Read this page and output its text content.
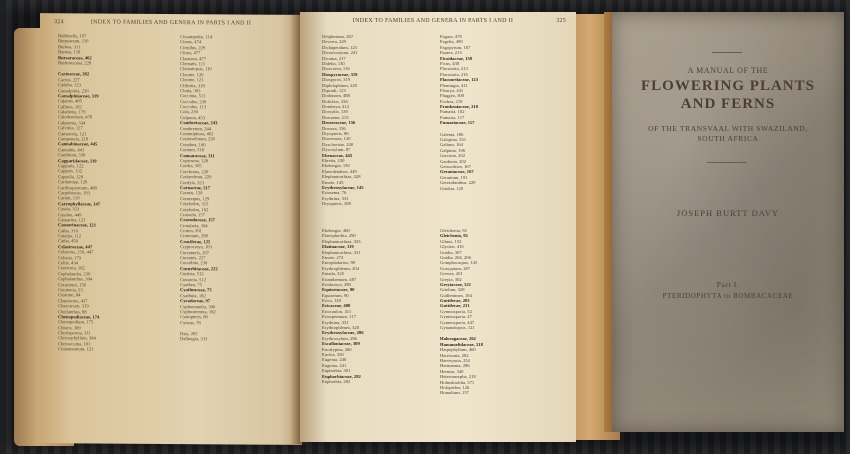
324	INDEX TO FAMILIES AND GENERA IN PARTS I AND II
Bulbinella, 167
Burpeanum, 110
Burkea, 311
Burnea, 118
Bursaraceae, 462
Burttorucana, 228
Cacteaceae, 282
Cactus, 227
Cadaba, 123
Caesalpinia, 236
Caesalpiniaceae, 319
Cajanus, 485
Calliera, 102
Caladenia, 179
Calodendrum, 478
Calpurnia, 334
Calvinia, 127
Camarotia, 121
Campanula, 218
Cannabinaceae, 445
Cannabis, 441
Canthium, 330
Capparidaceae, 119
Capparis, 122
Cappeis, 132
Capsella, 128
Cardamine, 126
Cardiospermum, 488
Carpobrotus, 193
Carum, 119
Caryophyllaceae, 147
Cassia, 323
Cassine, 449
Casuarina, 121
Casuarinaceae, 121
Catha, 310
Catalpa, 112
Catha, 450
Celastraceae, 447
Celastrus, 216, 447
Celosia, 179
Celtis, 434
Centrosia, 182
Cephalandra, 230
Cephalanthus, 304
Cerastium, 156
Ceratonia, 93
Cestrum, 84
Chaetacme, 437
Chascanum, 319
Cheilanthes, 88
Chenopodiaceae, 174
Chenopodium, 175
Chloris, 309
Chorisperma, 311
Chrysophyllum, 304
Chrysocoma, 101
Cinnamomum, 121
Cissampelos, 114
Cissus, 474
Citrullus, 229
Citrus, 477
Clausena, 477
Clematis, 111
Clematopsis, 110
Cleome, 120
Cleome, 121
Clifortia, 318
Clutia, 303
Coccinia, 511
Cocculus, 230
Coccolus, 113
Cola, 230
Colpoon, 453
Combretaceae, 243
Combretum, 244
Commiphora, 462
Conioselinum, 226
Conobea, 100
Conium, 518
Connaraceae, 311
Coprosma, 328
Cordia, 305
Corchorus, 220
Coriandrum, 220
Cordyla, 323
Cornaceae, 517
Cornus, 120
Coronopus, 129
Cotyledon, 315
Cotyledon, 162
Crassula, 157
Crassulaceae, 157
Crotalaria, 304
Croton, 201
Crotonum, 298
Cruciferae, 125
Cryptocarya, 103
Cucumeris, 207
Cucumis, 227
Cucurbita, 230
Cucurbitaceae, 222
Curtisia, 512
Cussonia, 512
Cyathea, 75
Cyatheaceae, 75
Cyathula, 182
Cycadaceae, 97
Cyphomandra, 300
Cyphostemma, 182
Cystopteris, 80
Cytisus, 78
Dais, 265
Dalbergia, 333
INDEX TO FAMILIES AND GENERA IN PARTS I AND II	325
Delphinium, 267
Deverra, 229
Dichapetalum, 123
Dicerocaryum, 241
Dicoma, 217
Didelta, 130
Dioscorea, 116
Diospyraceae, 319
Diospyros, 319
Diplolophium, 220
Dipcadi, 123
Dodonaea, 488
Dolichos, 336
Dombeya, 412
Dovyalis, 139
Dracaena, 215
Droseraceae, 156
Drosera, 156
Dryopteris, 86
Duvernoia, 120
Dyschoriste, 240
Dysoxylum, 87
Ebenaceae, 445
Ehretia, 230
Ekebergia, 150
Elaeodendron, 449
Elephantorrhiza, 328
Ensete, 145
Erythroxylaceae, 145
Eriosema, 76
Erythrina, 331
Dryopteris, 308
Fagara, 478
Fagelia, 490
Fagopyrum, 167
Faurea, 213
Ficoidaceae, 158
Ficus, 438
Flacourtia, 213
Flacourtia, 216
Flacourtiaceae, 123
Flemingia, 411
Fleurya, 441
Fluggea, 300
Fockea, 219
Frankeniaceae, 210
Fumaria, 102
Fumaria, 117
Fumariaceae, 117
Galenia, 186
Galopina, 331
Galium, 164
Galpinia, 196
Garcinia, 292
Gardenia, 202
Geissorhiza, 167
Geraniaceae, 167
Geranium, 191
Gerrardanthus, 229
Gisekia, 120
Ekebergia, 460
Elaeophorbia, 290
Elephantorrhiza, 333
Elatinaceae, 119
Elephantorrhiza, 331
Ensete, 272
Encephalartos, 98
Erythrophleum, 204
Entada, 325
Erianthemum, 487
Eriobotrya, 290
Equisetaceae, 90
Equisetum, 90
Erica, 129
Ericaceae, 400
Eriocaulon, 411
Eriospermum, 117
Erythrina, 331
Erythrophleum, 320
Erythroxylaceae, 286
Erythroxylum, 286
Escalloniaceae, 309
Eucalyptus, 260
Euclea, 350
Eugenia, 240
Eugenia, 241
Euphorbia, 301
Euphorbiaceae, 282
Euphorbia, 282
Gleichenia, 92
Gleichenia, 92
Glinus, 152
Glycine, 416
Gnidia, 307
Gnidia, 204, 206
Gomphocarpus, 145
Gossypium, 287
Grewia, 201
Greyia, 302
Greyiaceae, 321
Grielum, 328
Guilleminea, 184
Guttiferae, 203
Guttiferae, 231
Gymnosporia, 52
Gymnosporia, 47
Gymnosporia, 447
Gynandropsis, 121
Haloragaceae, 262
Hamamelidaceae, 218
Harpephyllum, 460
Harrisonia, 282
Harveyasia, 254
Hermannia, 286
Hermas, 340
Heteromorpha, 218
Holmskioldia, 371
Holoptelea, 126
Homalium, 137
A MANUAL OF THE
FLOWERING PLANTS
AND FERNS
OF THE TRANSVAAL WITH SWAZILAND,
SOUTH AFRICA
JOSEPH BURTT DAVY
Part I.
PTERIDOPHYTA to BOMBACACEAE
